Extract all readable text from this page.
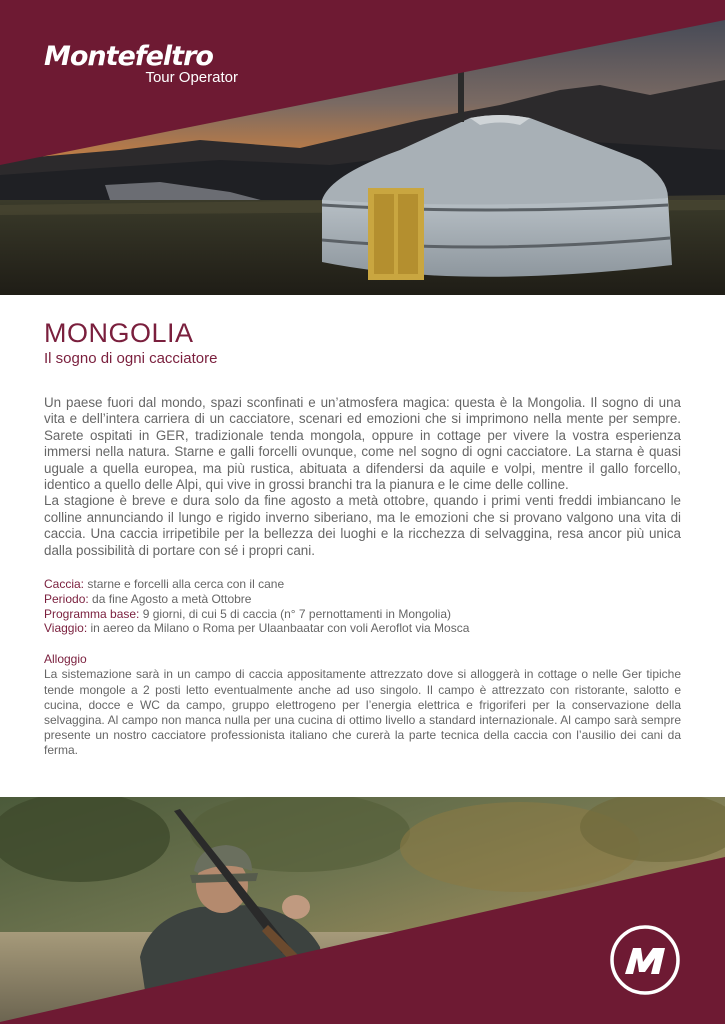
Montefeltro
Tour Operator
MONGOLIA
Il sogno di ogni cacciatore

Un paese fuori dal mondo, spazi sconfinati e un’atmosfera magica: questa è la Mongolia. Il sogno di una vita e dell’intera carriera di un cacciatore, scenari ed emozioni che si imprimono nella mente per sempre. Sarete ospitati in GER, tradizionale tenda mongola, oppure in cottage per vivere la vostra esperienza immersi nella natura. Starne e galli forcelli ovunque, come nel sogno di ogni cacciatore. La starna è quasi uguale a quella europea, ma più rustica, abituata a difendersi da aquile e volpi, mentre il gallo forcello, identico a quello delle Alpi, qui vive in grossi branchi tra la pianura e le cime delle colline.

La stagione è breve e dura solo da fine agosto a metà ottobre, quando i primi venti freddi imbiancano le colline annunciando il lungo e rigido inverno siberiano, ma le emozioni che si provano valgono una vita di caccia. Una caccia irripetibile per la bellezza dei luoghi e la ricchezza di selvaggina, resa ancor più unica dalla possibilità di portare con sé i propri cani.

Caccia: starne e forcelli alla cerca con il cane
Periodo: da fine Agosto a metà Ottobre
Programma base: 9 giorni, di cui 5 di caccia (n° 7 pernottamenti in Mongolia)
Viaggio: in aereo da Milano o Roma per Ulaanbaatar con voli Aeroflot via Mosca
Alloggio

La sistemazione sarà in un campo di caccia appositamente attrezzato dove si alloggerà in cottage o nelle Ger tipiche tende mongole a 2 posti letto eventualmente anche ad uso singolo. Il campo è attrezzato con ristorante, salotto e cucina, docce e WC da campo, gruppo elettrogeno per l’energia elettrica e frigoriferi per la conservazione della selvaggina. Al campo non manca nulla per una cucina di ottimo livello a standard internazionale. Al campo sarà sempre presente un nostro cacciatore professionista italiano che curerà la parte tecnica della caccia con l’ausilio dei cani da ferma.
